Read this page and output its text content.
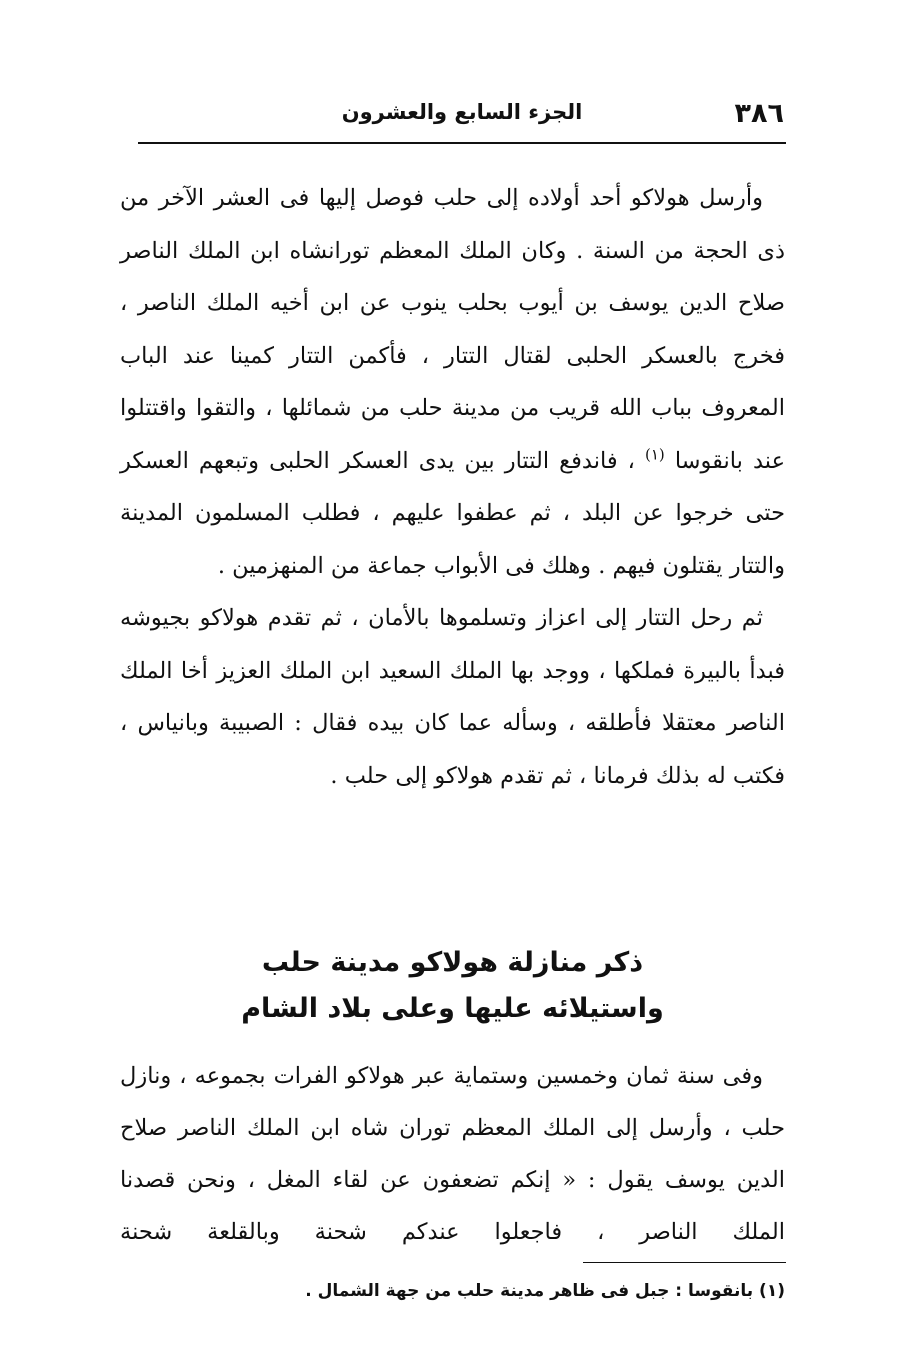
٣٨٦
الجزء السابع والعشرون

وأرسل هولاكو أحد أولاده إلى حلب فوصل إليها فى العشر الآخر من ذى الحجة من السنة . وكان الملك المعظم تورانشاه ابن الملك الناصر صلاح الدين يوسف بن أيوب بحلب ينوب عن ابن أخيه الملك الناصر ، فخرج بالعسكر الحلبى لقتال التتار ، فأكمن التتار كمينا عند الباب المعروف بباب الله قريب من مدينة حلب من شمائلها ، والتقوا واقتتلوا عند بانقوسا $^{(١)}$ ، فاندفع التتار بين يدى العسكر الحلبى وتبعهم العسكر حتى خرجوا عن البلد ، ثم عطفوا عليهم ، فطلب المسلمون المدينة والتتار يقتلون فيهم . وهلك فى الأبواب جماعة من المنهزمين .

ثم رحل التتار إلى اعزاز وتسلموها بالأمان ، ثم تقدم هولاكو بجيوشه فبدأ بالبيرة فملكها ، ووجد بها الملك السعيد ابن الملك العزيز أخا الملك الناصر معتقلا فأطلقه ، وسأله عما كان بيده فقال : الصبيبة وبانياس ، فكتب له بذلك فرمانا ، ثم تقدم هولاكو إلى حلب .

ذكر منازلة هولاكو مدينة حلب
واستيلائه عليها وعلى بلاد الشام

وفى سنة ثمان وخمسين وستماية عبر هولاكو الفرات بجموعه ، ونازل حلب ، وأرسل إلى الملك المعظم توران شاه ابن الملك الناصر صلاح الدين يوسف يقول : « إنكم تضعفون عن لقاء المغل ، ونحن قصدنا الملك الناصر ، فاجعلوا عندكم شحنة وبالقلعة شحنة

(١) بانقوسا : جبل فى ظاهر مدينة حلب من جهة الشمال .
